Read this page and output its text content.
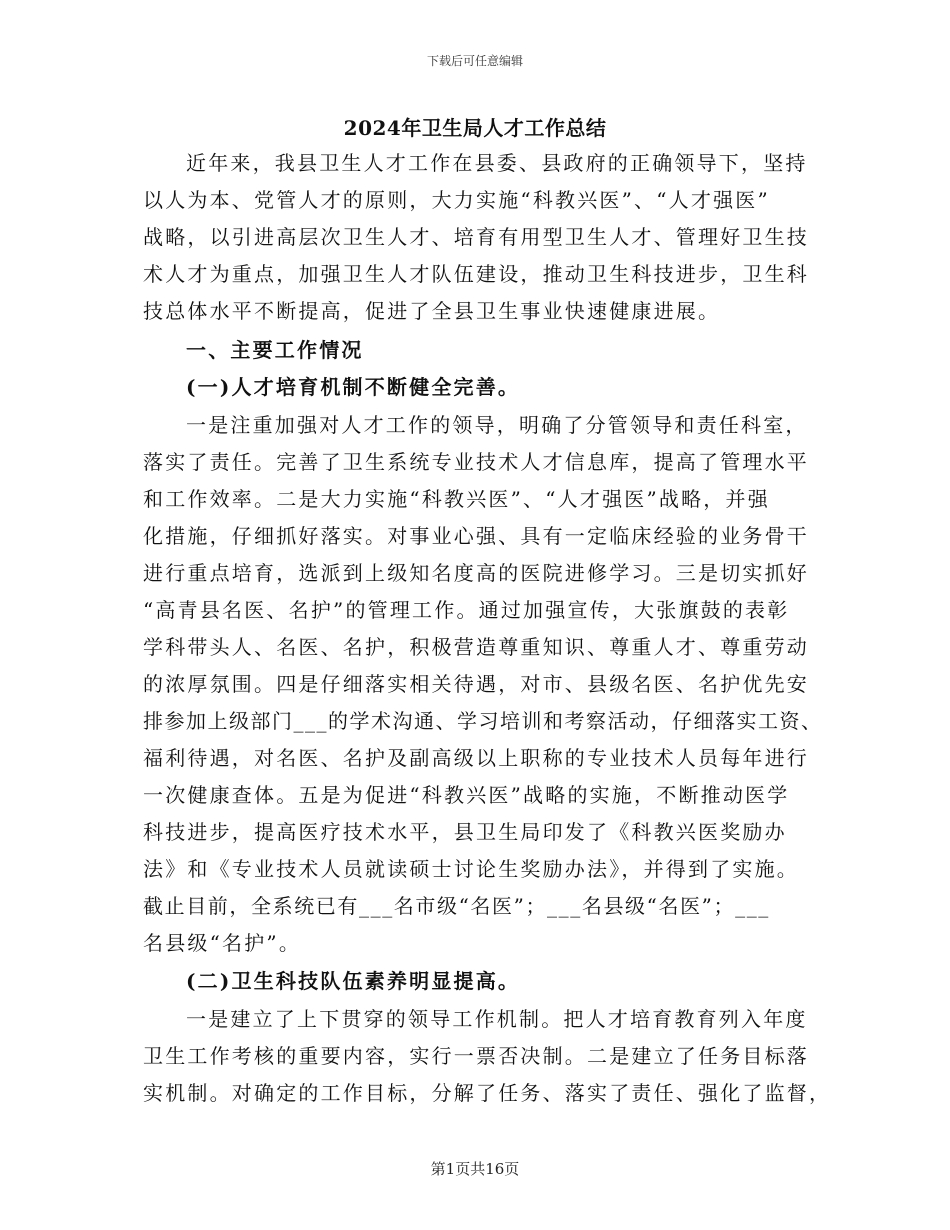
下载后可任意编辑
2024年卫生局人才工作总结
近年来，我县卫生人才工作在县委、县政府的正确领导下，坚持
以人为本、党管人才的原则，大力实施“科教兴医”、“人才强医”
战略，以引进高层次卫生人才、培育有用型卫生人才、管理好卫生技
术人才为重点，加强卫生人才队伍建设，推动卫生科技进步，卫生科
技总体水平不断提高，促进了全县卫生事业快速健康进展。
一、主要工作情况
(一)人才培育机制不断健全完善。
一是注重加强对人才工作的领导，明确了分管领导和责任科室，
落实了责任。完善了卫生系统专业技术人才信息库，提高了管理水平
和工作效率。二是大力实施“科教兴医”、“人才强医”战略，并强
化措施，仔细抓好落实。对事业心强、具有一定临床经验的业务骨干
进行重点培育，选派到上级知名度高的医院进修学习。三是切实抓好
“高青县名医、名护”的管理工作。通过加强宣传，大张旗鼓的表彰
学科带头人、名医、名护，积极营造尊重知识、尊重人才、尊重劳动
的浓厚氛围。四是仔细落实相关待遇，对市、县级名医、名护优先安
排参加上级部门___的学术沟通、学习培训和考察活动，仔细落实工资、
福利待遇，对名医、名护及副高级以上职称的专业技术人员每年进行
一次健康查体。五是为促进“科教兴医”战略的实施，不断推动医学
科技进步，提高医疗技术水平，县卫生局印发了《科教兴医奖励办
法》和《专业技术人员就读硕士讨论生奖励办法》，并得到了实施。
截止目前，全系统已有___名市级“名医”；___名县级“名医”；___
名县级“名护”。
(二)卫生科技队伍素养明显提高。
一是建立了上下贯穿的领导工作机制。把人才培育教育列入年度
卫生工作考核的重要内容，实行一票否决制。二是建立了任务目标落
实机制。对确定的工作目标，分解了任务、落实了责任、强化了监督，
第1页共16页
